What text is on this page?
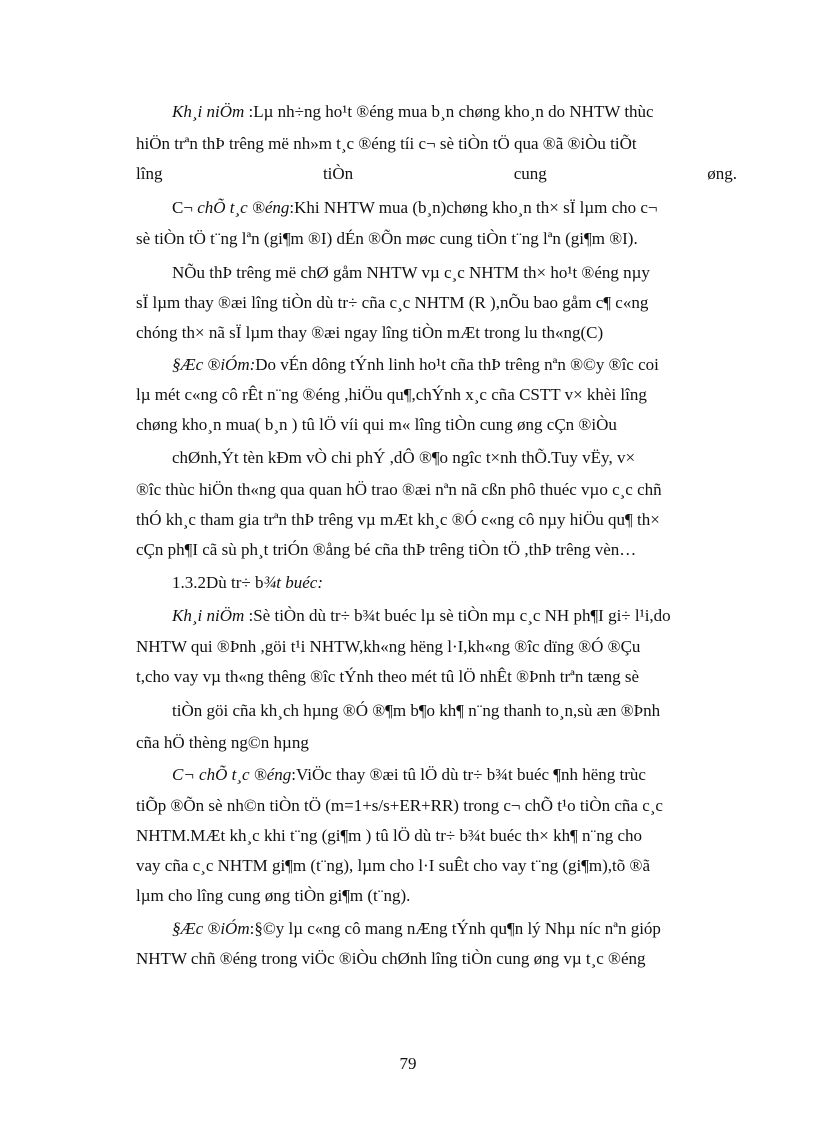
Kh¸i niÖm :Lµ nh÷ng ho¹t ®éng mua b¸n chøng kho¸n do NHTW thùc
hiÖn trªn thÞ trêng më nh»m t¸c ®éng tíi c¬ sè tiÒn tÖ qua ®ã ®iÒu tiÕt
lîng	tiÒn	cung	øng.
C¬ chÕ t¸c ®éng:Khi NHTW mua (b¸n)chøng kho¸n th× sÏ lµm cho c¬
sè tiÒn tÖ t¨ng lªn (gi¶m ®I) dÉn ®Õn møc cung tiÒn t¨ng lªn (gi¶m ®I).
NÕu thÞ trêng më chØ gåm NHTW vµ c¸c NHTM th× ho¹t ®éng nµy
sÏ lµm thay ®æi lîng tiÒn dù tr÷ cña c¸c NHTM (R ),nÕu bao gåm c¶ c«ng
chóng th× nã sÏ lµm thay ®æi ngay lîng tiÒn mÆt trong lu th«ng(C)
§Æc ®iÓm:Do vÉn dông tÝnh linh ho¹t cña thÞ trêng nªn ®©y ®îc coi
lµ mét c«ng cô rÊt n¨ng ®éng ,hiÖu qu¶,chÝnh x¸c cña CSTT v× khèi lîng
chøng kho¸n mua( b¸n ) tû lÖ víi qui m« lîng tiÒn cung øng cÇn ®iÒu
chØnh,Ýt tèn kÐm vÒ chi phÝ ,dÔ ®¶o ngîc t×nh thÕ.Tuy vËy, v×
®îc thùc hiÖn th«ng qua quan hÖ trao ®æi nªn nã cßn phô thuéc vµo c¸c chñ
thÓ kh¸c tham gia trªn thÞ trêng vµ mÆt kh¸c ®Ó c«ng cô nµy hiÖu qu¶ th×
cÇn ph¶I cã sù ph¸t triÓn ®ång bé cña thÞ trêng tiÒn tÖ ,thÞ trêng vèn…
1.3.2Dù tr÷ b¾t buéc:
Kh¸i niÖm :Sè tiÒn dù tr÷ b¾t buéc lµ sè tiÒn mµ c¸c NH ph¶I gi÷ l¹i,do
NHTW qui ®Þnh ,göi t¹i NHTW,kh«ng hëng l·I,kh«ng ®îc dïng ®Ó ®Çu
t,cho vay vµ th«ng thêng ®îc tÝnh theo mét tû lÖ nhÊt ®Þnh trªn tæng sè
tiÒn göi cña kh¸ch hµng ®Ó ®¶m b¶o kh¶ n¨ng thanh to¸n,sù æn ®Þnh
cña hÖ thèng ng©n hµng
C¬ chÕ t¸c ®éng:ViÖc thay ®æi tû lÖ dù tr÷ b¾t buéc ¶nh hëng trùc
tiÕp ®Õn sè nh©n tiÒn tÖ (m=1+s/s+ER+RR) trong c¬ chÕ t¹o tiÒn cña c¸c
NHTM.MÆt kh¸c khi t¨ng (gi¶m ) tû lÖ dù tr÷ b¾t buéc th× kh¶ n¨ng cho
vay cña c¸c NHTM gi¶m (t¨ng), lµm cho l·I suÊt cho vay t¨ng (gi¶m),tõ ®ã
lµm cho lîng cung øng tiÒn gi¶m (t¨ng).
§Æc ®iÓm:§©y lµ c«ng cô mang nÆng tÝnh qu¶n lý Nhµ níc nªn gióp
NHTW chñ ®éng trong viÖc ®iÒu chØnh lîng tiÒn cung øng vµ t¸c ®éng
79
